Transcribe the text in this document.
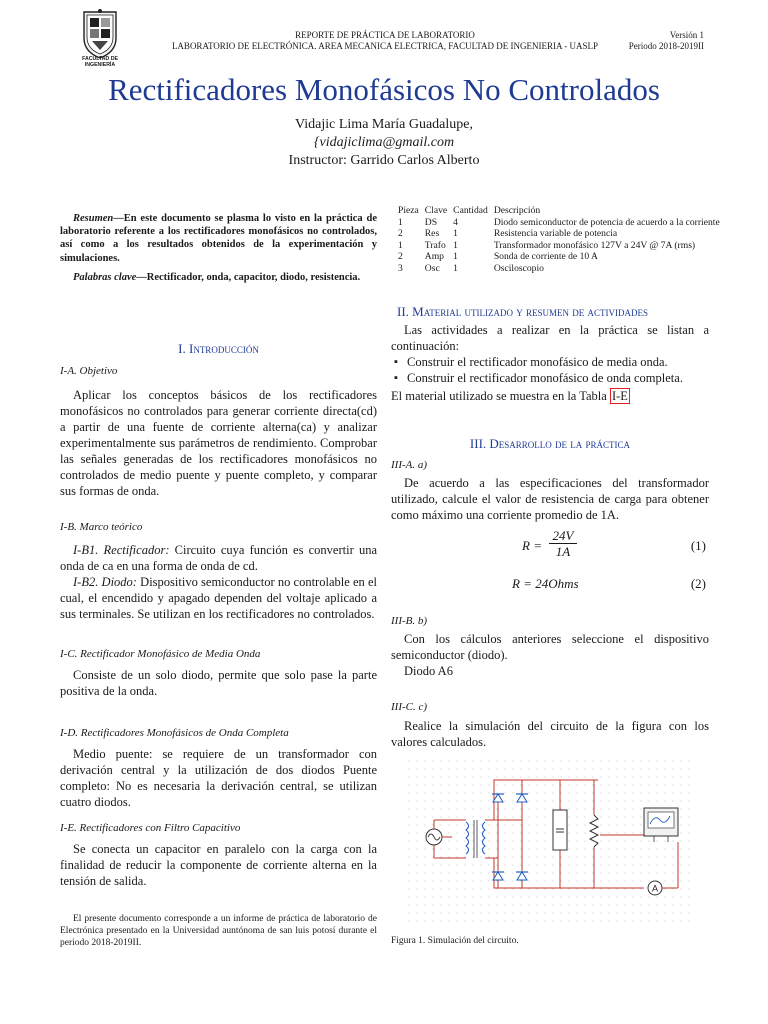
FACULTAD DE
INGENIERÍA
REPORTE DE PRÁCTICA DE LABORATORIO
LABORATORIO DE ELECTRÓNICA. AREA MECANICA ELECTRICA, FACULTAD DE INGENIERIA - UASLP
Versión 1
Periodo 2018-2019II
Rectificadores Monofásicos No Controlados
Vidajic Lima María Guadalupe,
{vidajiclima@gmail.com
Instructor: Garrido Carlos Alberto
Resumen—En este documento se plasma lo visto en la práctica de laboratorio referente a los rectificadores monofásicos no controlados, así como a los resultados obtenidos de la experimentación y simulaciones.
Palabras clave—Rectificador, onda, capacitor, diodo, resistencia.
I. Introducción
I-A. Objetivo
Aplicar los conceptos básicos de los rectificadores monofásicos no controlados para generar corriente directa(cd) a partir de una fuente de corriente alterna(ca) y analizar experimentalmente sus parámetros de rendimiento. Comprobar las señales generadas de los rectificadores monofásicos no controlados de medio puente y puente completo, y comparar sus formas de onda.
I-B. Marco teórico
I-B1. Rectificador: Circuito cuya función es convertir una onda de ca en una forma de onda de cd.
I-B2. Diodo: Dispositivo semiconductor no controlable en el cual, el encendido y apagado dependen del voltaje aplicado a sus terminales. Se utilizan en los rectificadores no controlados.
I-C. Rectificador Monofásico de Media Onda
Consiste de un solo diodo, permite que solo pase la parte positiva de la onda.
I-D. Rectificadores Monofásicos de Onda Completa
Medio puente: se requiere de un transformador con derivación central y la utilización de dos diodos Puente completo: No es necesaria la derivación central, se utilizan cuatro diodos.
I-E. Rectificadores con Filtro Capacitivo
Se conecta un capacitor en paralelo con la carga con la finalidad de reducir la componente de corriente alterna en la tensión de salida.
El presente documento corresponde a un informe de práctica de laboratorio de Electrónica presentado en la Universidad auntónoma de san luis potosí durante el periodo 2018-2019II.
Pieza	Clave	Cantidad	Descripción
1	DS	4	Diodo semiconductor de potencia de acuerdo a la corriente
2	Res	1	Resistencia variable de potencia
1	Trafo	1	Transformador monofásico 127V a 24V @ 7A (rms)
2	Amp	1	Sonda de corriente de 10 A
3	Osc	1	Osciloscopio
II. Material utilizado y resumen de actividades
Las actividades a realizar en la práctica se listan a continuación:
▪ Construir el rectificador monofásico de media onda.
▪ Construir el rectificador monofásico de onda completa.
El material utilizado se muestra en la Tabla I-E
III. Desarrollo de la práctica
III-A. a)
De acuerdo a las especificaciones del transformador utilizado, calcule el valor de resistencia de carga para obtener como máximo una corriente promedio de 1A.
$R = \frac{24V}{1A}$	(1)
R = 24Ohms	(2)
III-B. b)
Con los cálculos anteriores seleccione el dispositivo semiconductor (diodo).
Diodo A6
III-C. c)
Realice la simulación del circuito de la figura con los valores calculados.
A
Figura 1. Simulación del circuito.
